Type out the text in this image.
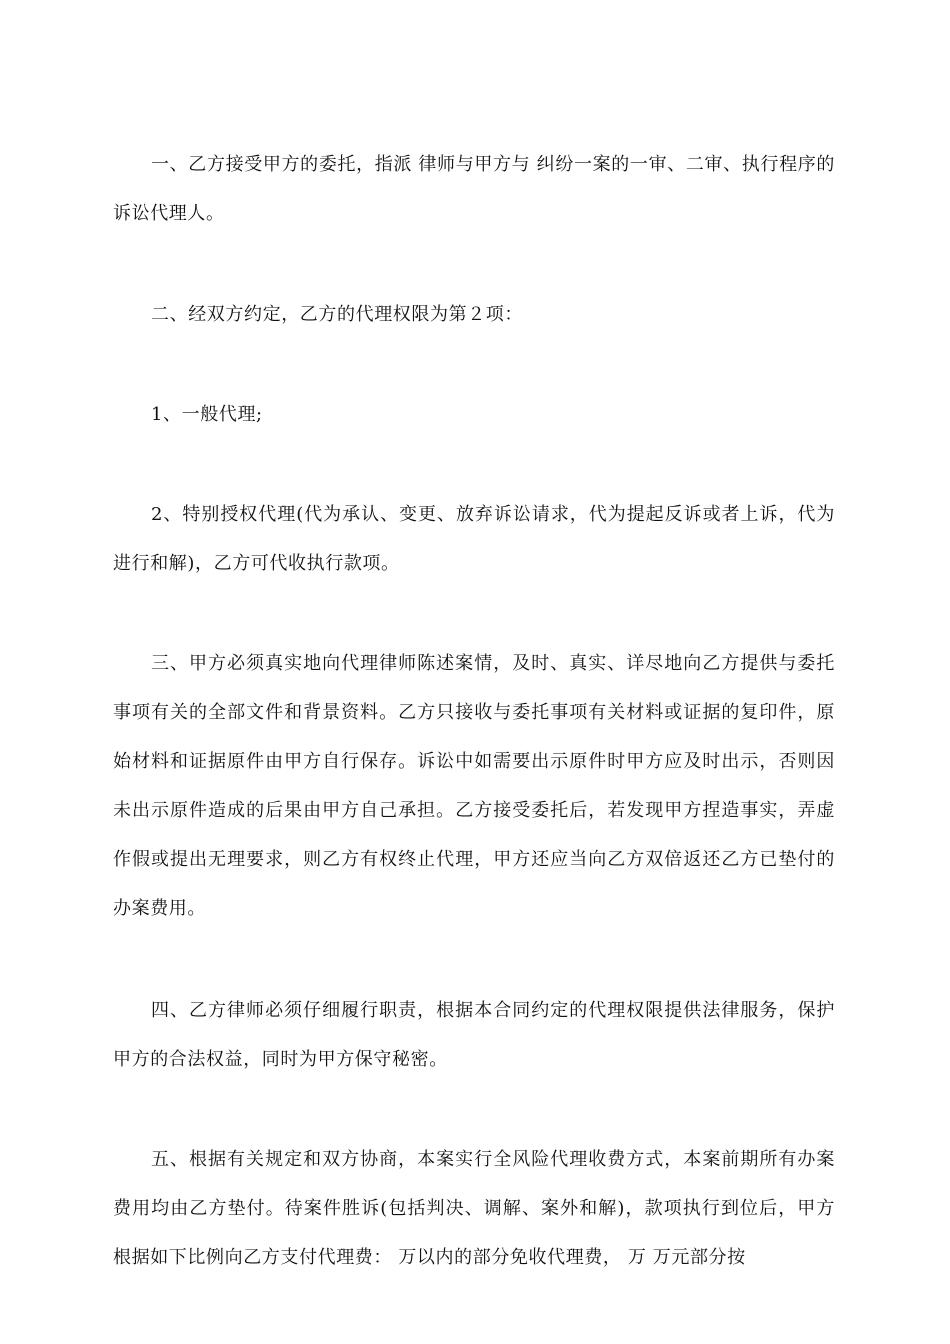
一、乙方接受甲方的委托，指派 律师与甲方与 纠纷一案的一审、二审、执行程序的诉讼代理人。

二、经双方约定，乙方的代理权限为第２项：

1、一般代理;

2、特别授权代理(代为承认、变更、放弃诉讼请求，代为提起反诉或者上诉，代为进行和解)，乙方可代收执行款项。

三、甲方必须真实地向代理律师陈述案情，及时、真实、详尽地向乙方提供与委托事项有关的全部文件和背景资料。乙方只接收与委托事项有关材料或证据的复印件，原始材料和证据原件由甲方自行保存。诉讼中如需要出示原件时甲方应及时出示，否则因未出示原件造成的后果由甲方自己承担。乙方接受委托后，若发现甲方捏造事实，弄虚作假或提出无理要求，则乙方有权终止代理，甲方还应当向乙方双倍返还乙方已垫付的办案费用。

四、乙方律师必须仔细履行职责，根据本合同约定的代理权限提供法律服务，保护甲方的合法权益，同时为甲方保守秘密。

五、根据有关规定和双方协商，本案实行全风险代理收费方式，本案前期所有办案费用均由乙方垫付。待案件胜诉(包括判决、调解、案外和解)，款项执行到位后，甲方根据如下比例向乙方支付代理费： 万以内的部分免收代理费， 万 万元部分按
